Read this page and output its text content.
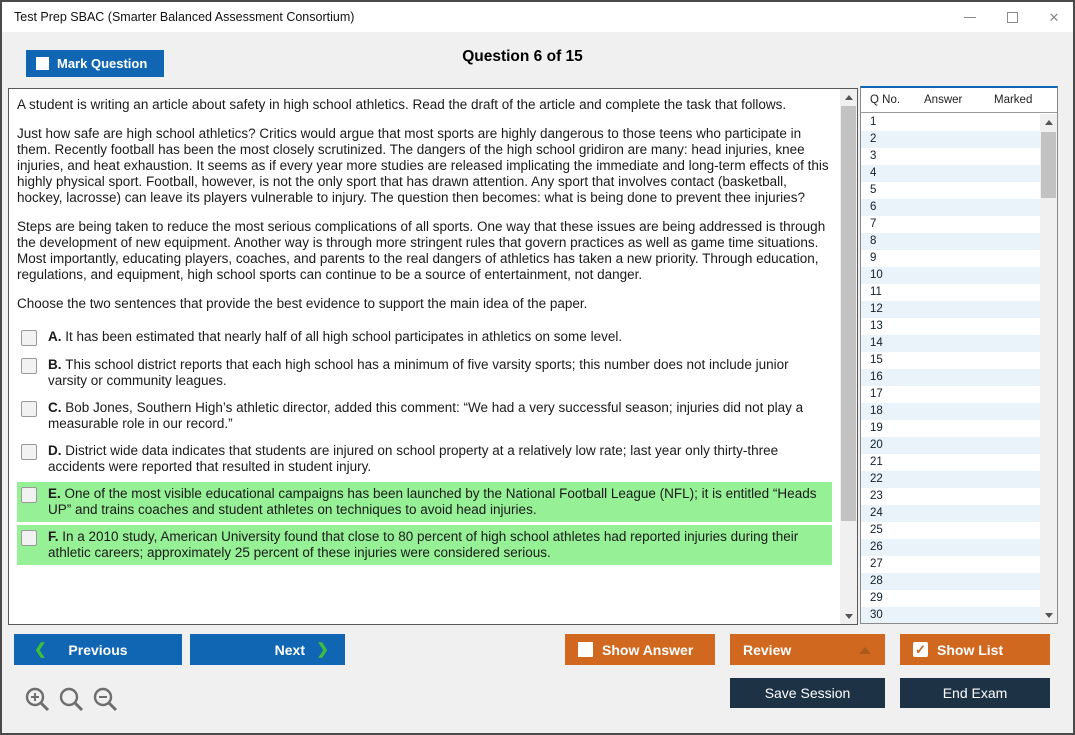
Test Prep SBAC (Smarter Balanced Assessment Consortium)	✕
Mark Question	Question 6 of 15

A student is writing an article about safety in high school athletics. Read the draft of the article and complete the task that follows.

Just how safe are high school athletics? Critics would argue that most sports are highly dangerous to those teens who participate in them. Recently football has been the most closely scrutinized. The dangers of the high school gridiron are many: head injuries, knee injuries, and heat exhaustion. It seems as if every year more studies are released implicating the immediate and long-term effects of this highly physical sport. Football, however, is not the only sport that has drawn attention. Any sport that involves contact (basketball, hockey, lacrosse) can leave its players vulnerable to injury. The question then becomes: what is being done to prevent thee injuries?

Steps are being taken to reduce the most serious complications of all sports. One way that these issues are being addressed is through the development of new equipment. Another way is through more stringent rules that govern practices as well as game time situations. Most importantly, educating players, coaches, and parents to the real dangers of athletics has taken a new priority. Through education, regulations, and equipment, high school sports can continue to be a source of entertainment, not danger.

Choose the two sentences that provide the best evidence to support the main idea of the paper.

A. It has been estimated that nearly half of all high school participates in athletics on some level.
B. This school district reports that each high school has a minimum of five varsity sports; this number does not include junior varsity or community leagues.
C. Bob Jones, Southern High’s athletic director, added this comment: “We had a very successful season; injuries did not play a measurable role in our record.”
D. District wide data indicates that students are injured on school property at a relatively low rate; last year only thirty-three accidents were reported that resulted in student injury.
E. One of the most visible educational campaigns has been launched by the National Football League (NFL); it is entitled “Heads UP” and trains coaches and student athletes on techniques to avoid head injuries.
F. In a 2010 study, American University found that close to 80 percent of high school athletes had reported injuries during their athletic careers; approximately 25 percent of these injuries were considered serious.
Q No. Answer	Marked
1
2
3
4
5
6
7
8
9
10
11
12
13
14
15
16
17
18
19
20
21
22
23
24
25
26
27
28
29
30
❮ Previous	Next ❯	Show Answer	Review	✓ Show List
Save Session	End Exam
